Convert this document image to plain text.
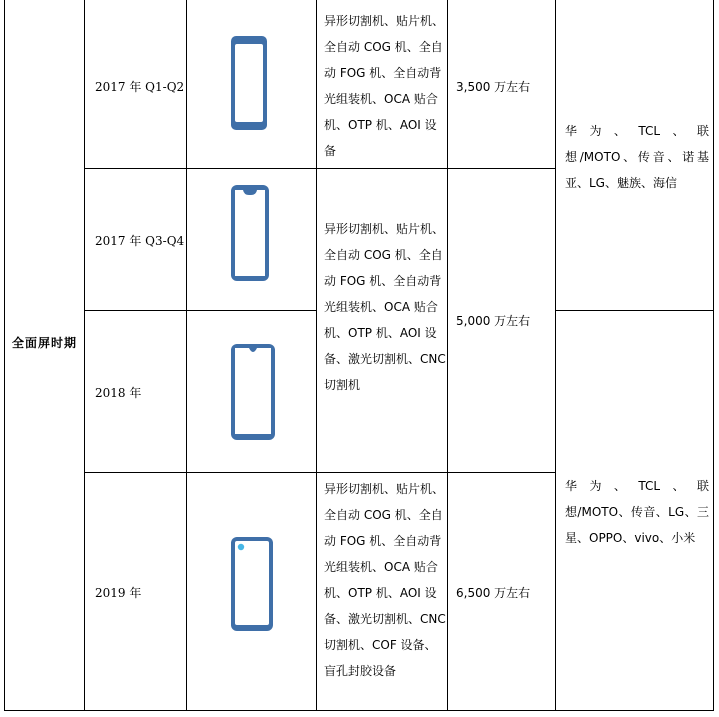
全面屏时期
2017 年 Q1-Q2
2017 年 Q3-Q4
2018 年
2019 年
异形切割机、贴片机、全自动 COG 机、全自动 FOG 机、全自动背光组装机、OCA 贴合机、OTP 机、AOI 设备
异形切割机、贴片机、全自动 COG 机、全自动 FOG 机、全自动背光组装机、OCA 贴合机、OTP 机、AOI 设备、激光切割机、CNC 切割机
异形切割机、贴片机、全自动 COG 机、全自动 FOG 机、全自动背光组装机、OCA 贴合机、OTP 机、AOI 设备、激光切割机、CNC 切割机、COF 设备、盲孔封胶设备
3,500 万左右
5,000 万左右
6,500 万左右
华为、TCL、联想/MOTO、传音、诺基亚、LG、魅族、海信
华为、TCL、联想/MOTO、传音、LG、三星、OPPO、vivo、小米
